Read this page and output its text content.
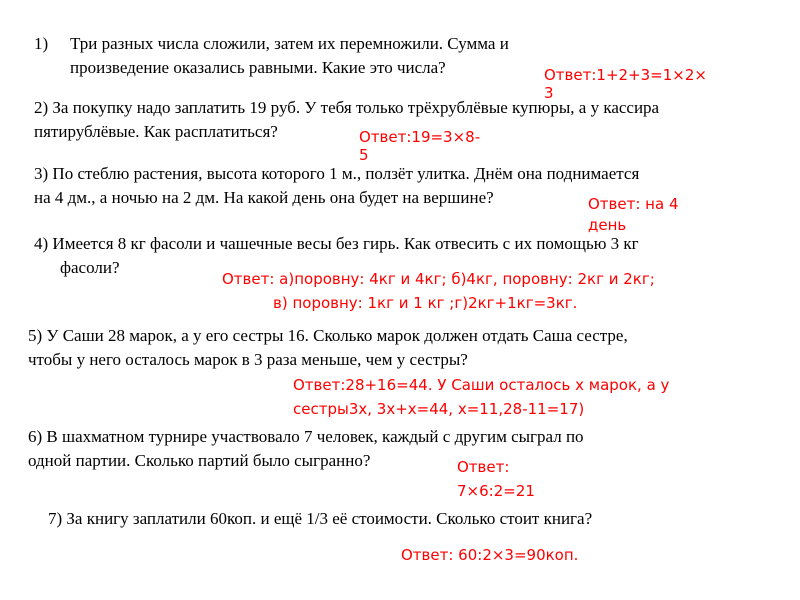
1) Три разных числа сложили, затем их перемножили. Сумма и
произведение оказались равными. Какие это числа?	Ответ:1+2+3=1×2×
3
2) За покупку надо заплатить 19 руб. У тебя только трёхрублёвые купюры, а у кассира
пятирублёвые. Как расплатиться?	Ответ:19=3×8-
5
3) По стеблю растения, высота которого 1 м., ползёт улитка. Днём она поднимается
на 4 дм., а ночью на 2 дм. На какой день она будет на вершине?	Ответ: на 4
день
4) Имеется 8 кг фасоли и чашечные весы без гирь. Как отвесить с их помощью 3 кг
фасоли?
Ответ: а)поровну: 4кг и 4кг; б)4кг, поровну: 2кг и 2кг;
в) поровну: 1кг и 1 кг ;г)2кг+1кг=3кг.
5) У Саши 28 марок, а у его сестры 16. Сколько марок должен отдать Саша сестре,
чтобы у него осталось марок в 3 раза меньше, чем у сестры?
Ответ:28+16=44. У Саши осталось х марок, а у
сестры3х, 3х+х=44, х=11,28-11=17)
6) В шахматном турнире участвовало 7 человек, каждый с другим сыграл по
одной партии. Сколько партий было сыгранно?	Ответ:
7×6:2=21
7) За книгу заплатили 60коп. и ещё 1/3 её стоимости. Сколько стоит книга?
Ответ: 60:2×3=90коп.
